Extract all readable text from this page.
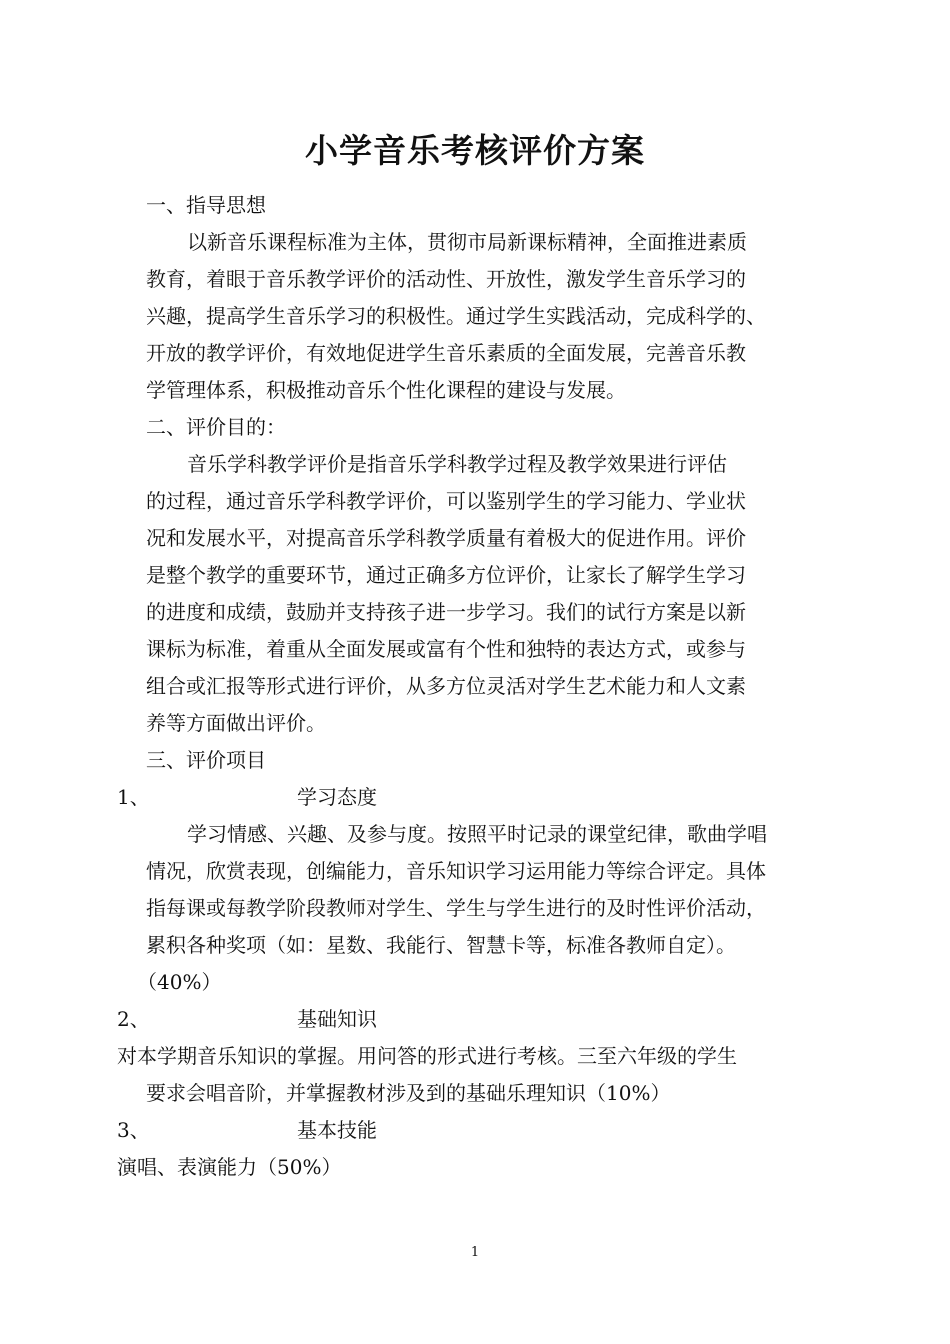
小学音乐考核评价方案
一、指导思想
以新音乐课程标准为主体，贯彻市局新课标精神，全面推进素质
教育，着眼于音乐教学评价的活动性、开放性，激发学生音乐学习的
兴趣，提高学生音乐学习的积极性。通过学生实践活动，完成科学的、
开放的教学评价，有效地促进学生音乐素质的全面发展，完善音乐教
学管理体系，积极推动音乐个性化课程的建设与发展。
二、评价目的：
音乐学科教学评价是指音乐学科教学过程及教学效果进行评估
的过程，通过音乐学科教学评价，可以鉴别学生的学习能力、学业状
况和发展水平，对提高音乐学科教学质量有着极大的促进作用。评价
是整个教学的重要环节，通过正确多方位评价，让家长了解学生学习
的进度和成绩，鼓励并支持孩子进一步学习。我们的试行方案是以新
课标为标准，着重从全面发展或富有个性和独特的表达方式，或参与
组合或汇报等形式进行评价，从多方位灵活对学生艺术能力和人文素
养等方面做出评价。
三、评价项目
1、	学习态度
学习情感、兴趣、及参与度。按照平时记录的课堂纪律，歌曲学唱
情况，欣赏表现，创编能力，音乐知识学习运用能力等综合评定。具体
指每课或每教学阶段教师对学生、学生与学生进行的及时性评价活动，
累积各种奖项（如：星数、我能行、智慧卡等，标准各教师自定）。
（40%）
2、	基础知识
对本学期音乐知识的掌握。用问答的形式进行考核。三至六年级的学生
要求会唱音阶，并掌握教材涉及到的基础乐理知识（10%）
3、	基本技能
演唱、表演能力（50%）
1
